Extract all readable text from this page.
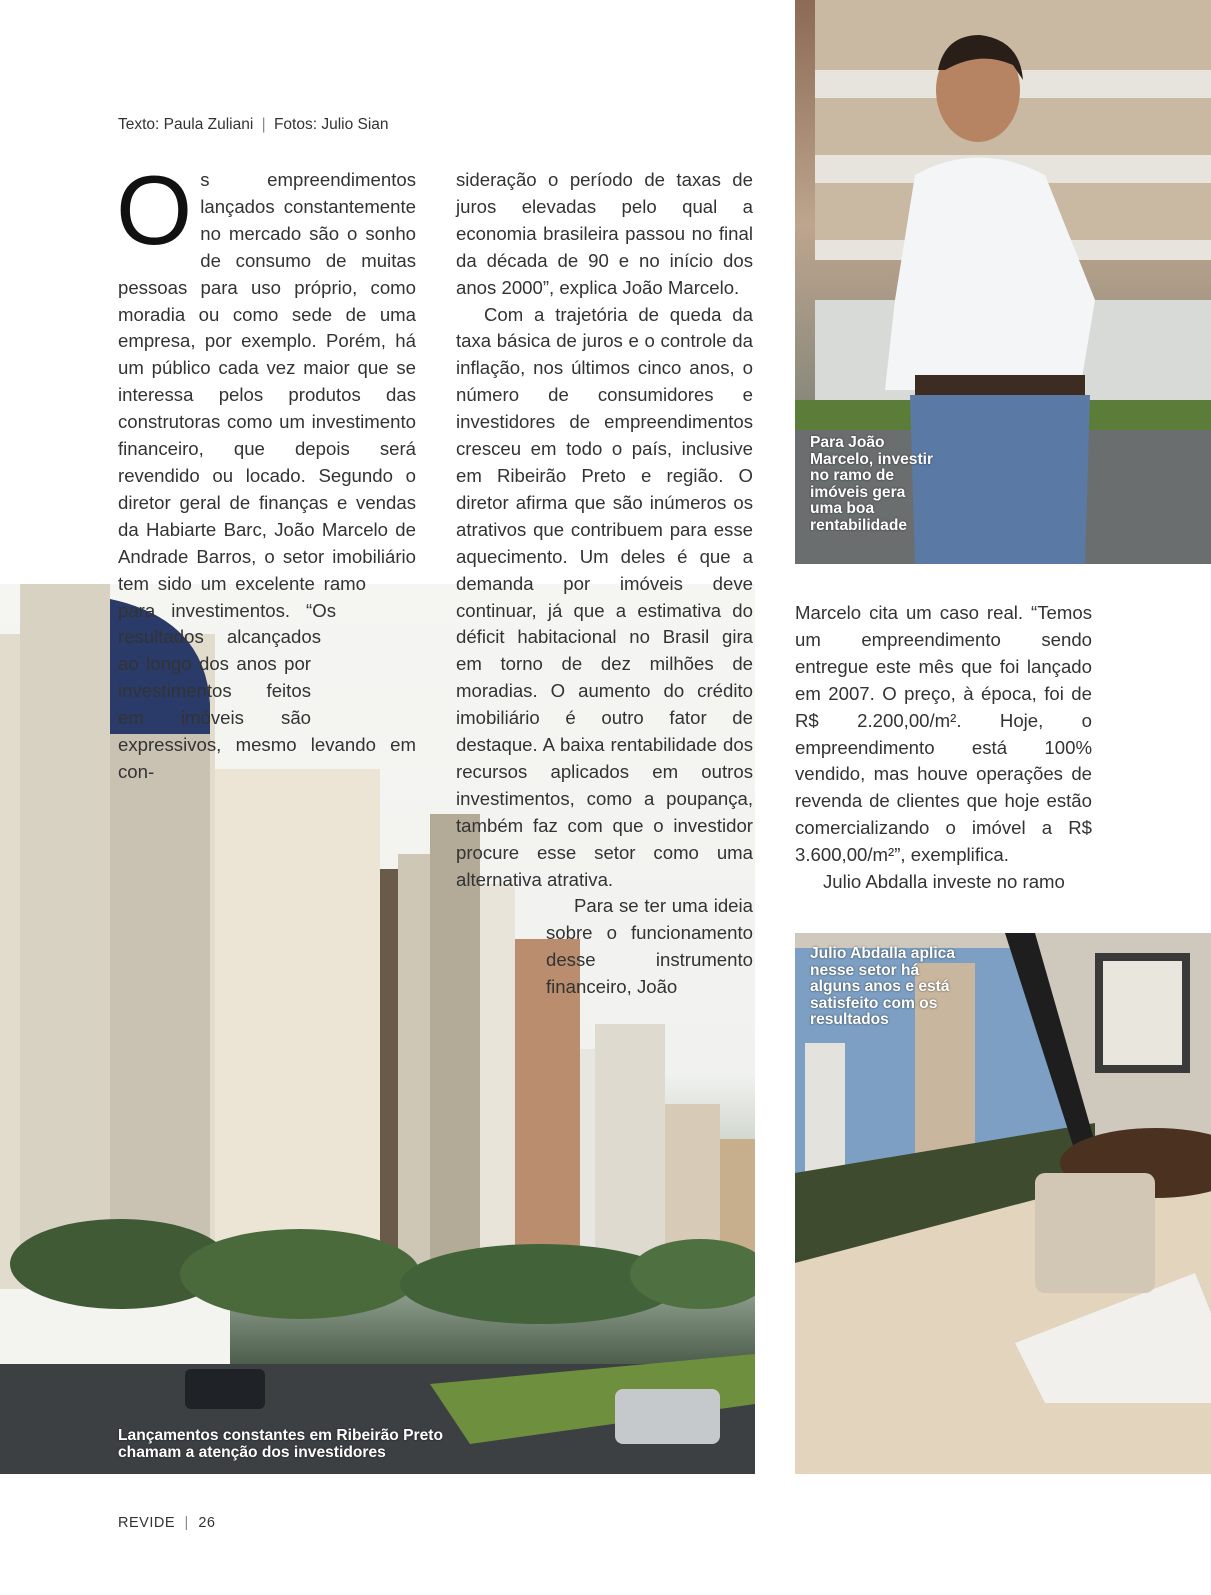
Texto: Paula Zuliani | Fotos: Julio Sian
O s empreendimentos lançados constantemente no mercado são o sonho de consumo de muitas pessoas para uso próprio, como moradia ou como sede de uma empresa, por exemplo. Porém, há um público cada vez maior que se interessa pelos produtos das construtoras como um investimento financeiro, que depois será revendido ou locado. Segundo o diretor geral de finanças e vendas da Habiarte Barc, João Marcelo de Andrade Barros, o setor imobiliário tem sido um excelente ramo para investimentos. “Os resultados alcançados ao longo dos anos por investimentos feitos em imóveis são expressivos, mesmo levando em con-

sideração o período de taxas de juros elevadas pelo qual a economia brasileira passou no final da década de 90 e no início dos anos 2000”, explica João Marcelo.

Com a trajetória de queda da taxa básica de juros e o controle da inflação, nos últimos cinco anos, o número de consumidores e investidores de empreendimentos cresceu em todo o país, inclusive em Ribeirão Preto e região. O diretor afirma que são inúmeros os atrativos que contribuem para esse aquecimento. Um deles é que a demanda por imóveis deve continuar, já que a estimativa do déficit habitacional no Brasil gira em torno de dez milhões de moradias. O aumento do crédito imobiliário é outro fator de destaque. A baixa rentabilidade dos recursos aplicados em outros investimentos, como a poupança, também faz com que o investidor procure esse setor como uma alternativa atrativa.

Para se ter uma ideia sobre o funcionamento desse instrumento financeiro, João

Marcelo cita um caso real. “Temos um empreendimento sendo entregue este mês que foi lançado em 2007. O preço, à época, foi de R$ 2.200,00/m². Hoje, o empreendimento está 100% vendido, mas houve operações de revenda de clientes que hoje estão comercializando o imóvel a R$ 3.600,00/m²”, exemplifica.

Julio Abdalla investe no ramo

Lançamentos constantes em Ribeirão Preto chamam a atenção dos investidores
Para João Marcelo, investir no ramo de imóveis gera uma boa rentabilidade
Julio Abdalla aplica nesse setor há alguns anos e está satisfeito com os resultados
REVIDE | 26
